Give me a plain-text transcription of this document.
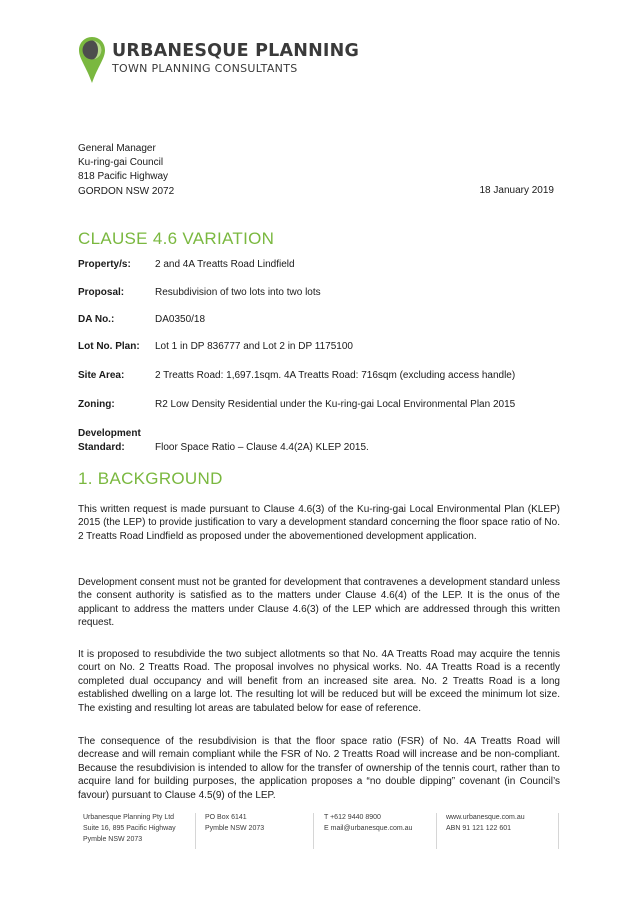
URBANESQUE PLANNING
TOWN PLANNING CONSULTANTS
General Manager
Ku-ring-gai Council
818 Pacific Highway
GORDON NSW 2072	18 January 2019
CLAUSE 4.6 VARIATION
Property/s: 2 and 4A Treatts Road Lindfield
Proposal:	Resubdivision of two lots into two lots
DA No.:	DA0350/18
Lot No. Plan: Lot 1 in DP 836777 and Lot 2 in DP 1175100
Site Area:	2 Treatts Road: 1,697.1sqm. 4A Treatts Road: 716sqm (excluding access handle)
Zoning:	R2 Low Density Residential under the Ku-ring-gai Local Environmental Plan 2015
Development
Standard:	Floor Space Ratio – Clause 4.4(2A) KLEP 2015.
1. BACKGROUND
This written request is made pursuant to Clause 4.6(3) of the Ku-ring-gai Local Environmental Plan (KLEP) 2015 (the LEP) to provide justification to vary a development standard concerning the floor space ratio of No. 2 Treatts Road Lindfield as proposed under the abovementioned development application.
Development consent must not be granted for development that contravenes a development standard unless the consent authority is satisfied as to the matters under Clause 4.6(4) of the LEP. It is the onus of the applicant to address the matters under Clause 4.6(3) of the LEP which are addressed through this written request.
It is proposed to resubdivide the two subject allotments so that No. 4A Treatts Road may acquire the tennis court on No. 2 Treatts Road. The proposal involves no physical works. No. 4A Treatts Road is a recently completed dual occupancy and will benefit from an increased site area. No. 2 Treatts Road is a long established dwelling on a large lot. The resulting lot will be reduced but will be exceed the minimum lot size. The existing and resulting lot areas are tabulated below for ease of reference.
The consequence of the resubdivision is that the floor space ratio (FSR) of No. 4A Treatts Road will decrease and will remain compliant while the FSR of No. 2 Treatts Road will increase and be non-compliant. Because the resubdivision is intended to allow for the transfer of ownership of the tennis court, rather than to acquire land for building purposes, the application proposes a “no double dipping” covenant (in Council’s favour) pursuant to Clause 4.5(9) of the LEP.
Urbanesque Planning Pty Ltd
Suite 16, 895 Pacific Highway
Pymble NSW 2073
PO Box 6141
Pymble NSW 2073
T +612 9440 8900
E mail@urbanesque.com.au
www.urbanesque.com.au
ABN 91 121 122 601
